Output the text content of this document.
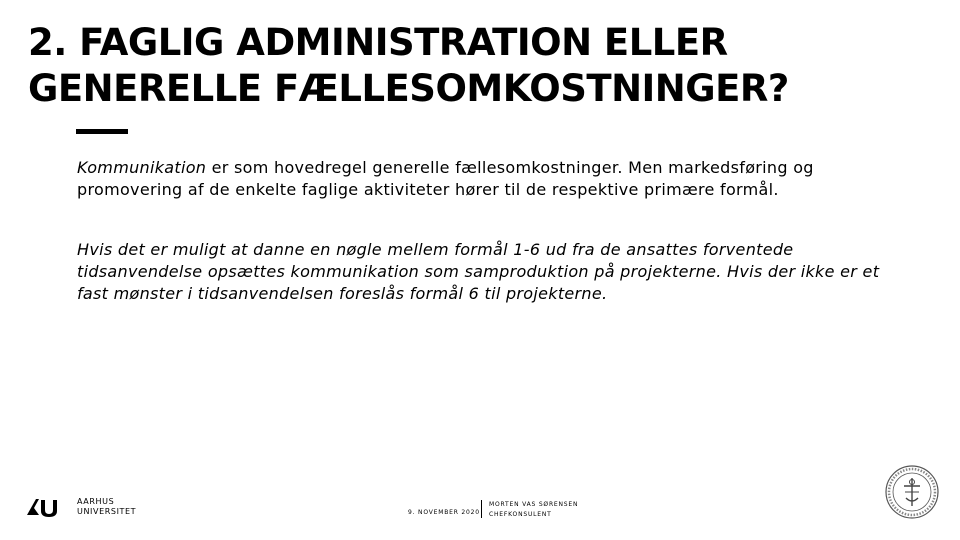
2. FAGLIG ADMINISTRATION ELLER
GENERELLE FÆLLESOMKOSTNINGER?

Kommunikation er som hovedregel generelle fællesomkostninger. Men markedsføring og promovering af de enkelte faglige aktiviteter hører til de respektive primære formål.

Hvis det er muligt at danne en nøgle mellem formål 1-6 ud fra de ansattes forventede tidsanvendelse opsættes kommunikation som samproduktion på projekterne. Hvis der ikke er et fast mønster i tidsanvendelsen foreslås formål 6 til projekterne.

AARHUS
UNIVERSITET	9. NOVEMBER 2020
MORTEN VAS SØRENSEN
CHEFKONSULENT
